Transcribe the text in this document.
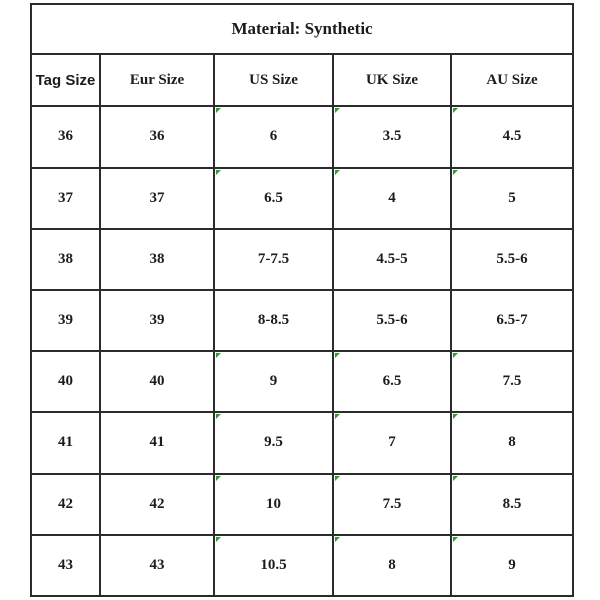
Material: Synthetic				
Tag Size	Eur Size	US Size	UK Size	AU Size
36	36	6	3.5	4.5

37	37	6.5	4	5

38	38	7-7.5	4.5-5	5.5-6
39	39	8-8.5	5.5-6	6.5-7
40	40	9	6.5	7.5

41	41	9.5	7	8

42	42	10	7.5	8.5

43	43	10.5	8	9
